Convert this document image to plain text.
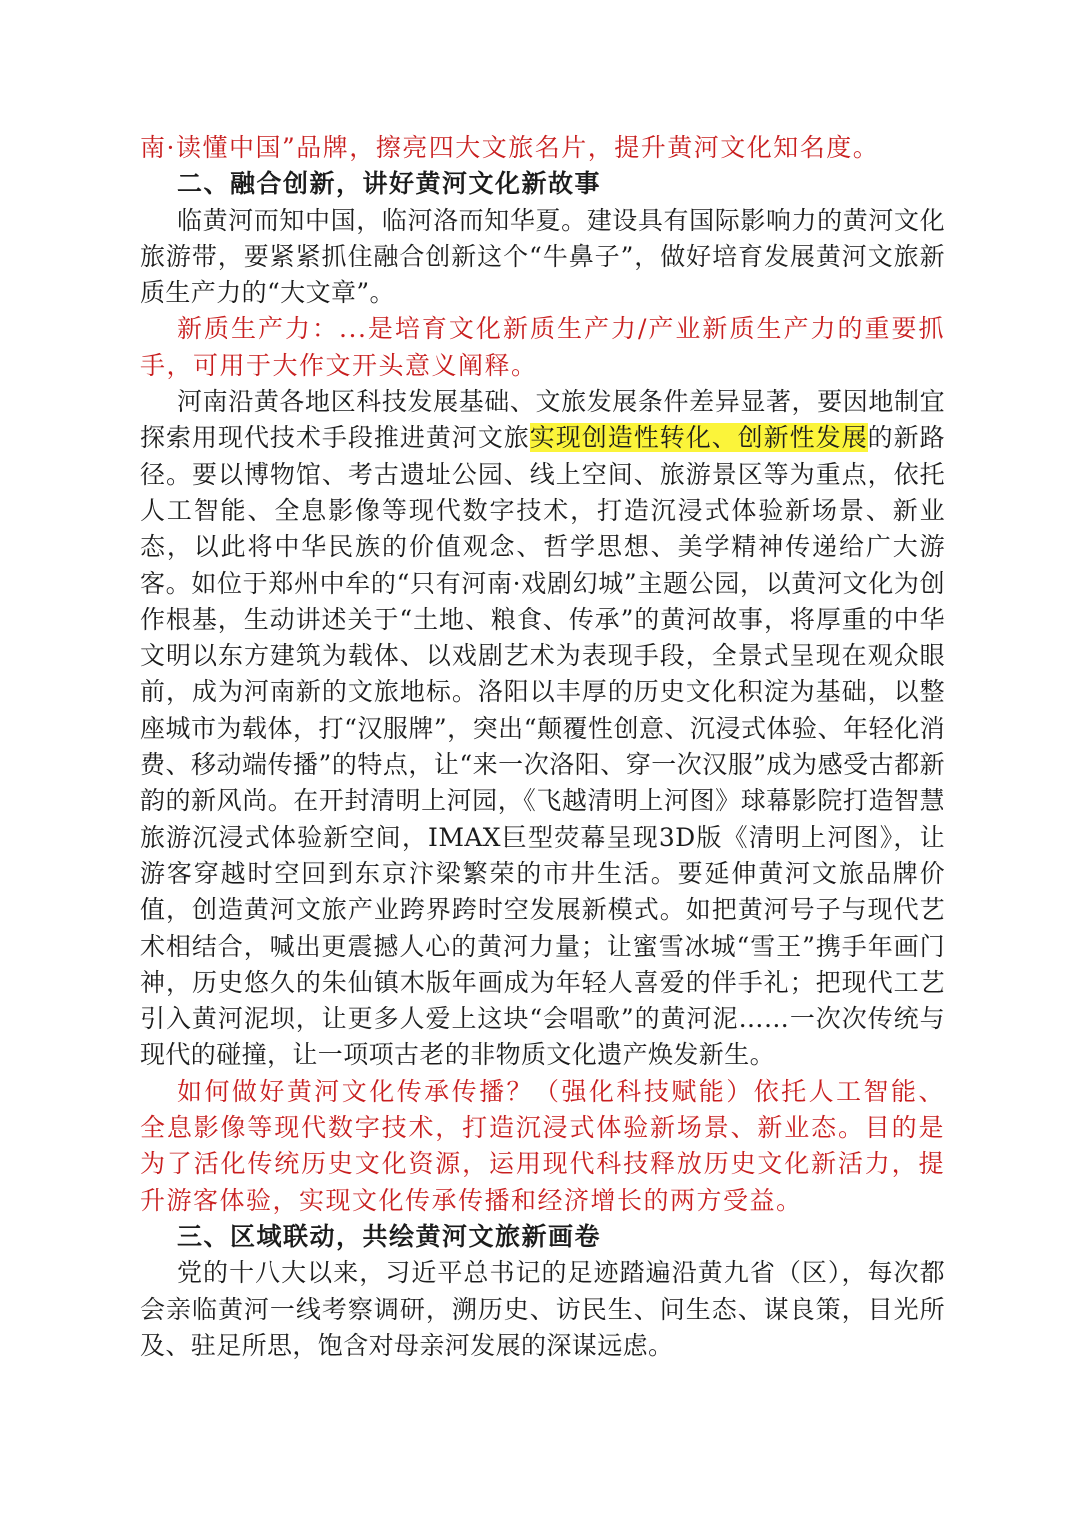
南·读懂中国”品牌，擦亮四大文旅名片，提升黄河文化知名度。

二、融合创新，讲好黄河文化新故事

临黄河而知中国，临河洛而知华夏。建设具有国际影响力的黄河文化旅游带，要紧紧抓住融合创新这个“牛鼻子”，做好培育发展黄河文旅新质生产力的“大文章”。

新质生产力：...是培育文化新质生产力/产业新质生产力的重要抓手，可用于大作文开头意义阐释。

河南沿黄各地区科技发展基础、文旅发展条件差异显著，要因地制宜探索用现代技术手段推进黄河文旅实现创造性转化、创新性发展的新路径。要以博物馆、考古遗址公园、线上空间、旅游景区等为重点，依托人工智能、全息影像等现代数字技术，打造沉浸式体验新场景、新业态，以此将中华民族的价值观念、哲学思想、美学精神传递给广大游客。如位于郑州中牟的“只有河南·戏剧幻城”主题公园，以黄河文化为创作根基，生动讲述关于“土地、粮食、传承”的黄河故事，将厚重的中华文明以东方建筑为载体、以戏剧艺术为表现手段，全景式呈现在观众眼前，成为河南新的文旅地标。洛阳以丰厚的历史文化积淀为基础，以整座城市为载体，打“汉服牌”，突出“颠覆性创意、沉浸式体验、年轻化消费、移动端传播”的特点，让“来一次洛阳、穿一次汉服”成为感受古都新韵的新风尚。在开封清明上河园，《飞越清明上河图》球幕影院打造智慧旅游沉浸式体验新空间，IMAX巨型荧幕呈现3D版《清明上河图》，让游客穿越时空回到东京汴梁繁荣的市井生活。要延伸黄河文旅品牌价值，创造黄河文旅产业跨界跨时空发展新模式。如把黄河号子与现代艺术相结合，喊出更震撼人心的黄河力量；让蜜雪冰城“雪王”携手年画门神，历史悠久的朱仙镇木版年画成为年轻人喜爱的伴手礼；把现代工艺引入黄河泥坝，让更多人爱上这块“会唱歌”的黄河泥……一次次传统与现代的碰撞，让一项项古老的非物质文化遗产焕发新生。

如何做好黄河文化传承传播？（强化科技赋能）依托人工智能、全息影像等现代数字技术，打造沉浸式体验新场景、新业态。目的是为了活化传统历史文化资源，运用现代科技释放历史文化新活力，提升游客体验，实现文化传承传播和经济增长的两方受益。

三、区域联动，共绘黄河文旅新画卷

党的十八大以来，习近平总书记的足迹踏遍沿黄九省（区），每次都会亲临黄河一线考察调研，溯历史、访民生、问生态、谋良策，目光所及、驻足所思，饱含对母亲河发展的深谋远虑。
